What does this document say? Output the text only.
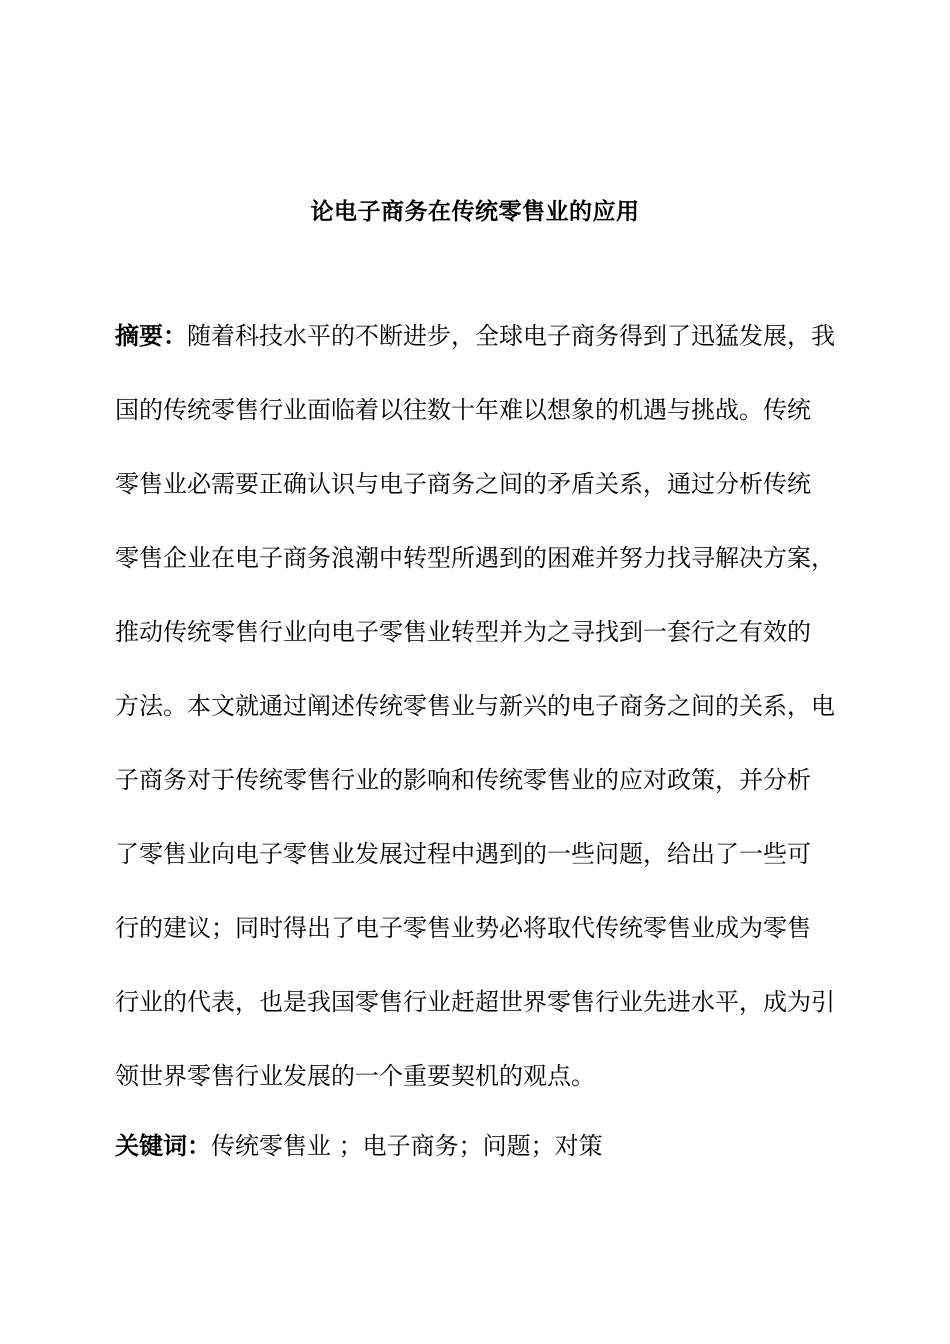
论电子商务在传统零售业的应用
摘要：随着科技水平的不断进步，全球电子商务得到了迅猛发展，我
国的传统零售行业面临着以往数十年难以想象的机遇与挑战。传统
零售业必需要正确认识与电子商务之间的矛盾关系，通过分析传统
零售企业在电子商务浪潮中转型所遇到的困难并努力找寻解决方案，
推动传统零售行业向电子零售业转型并为之寻找到一套行之有效的
方法。本文就通过阐述传统零售业与新兴的电子商务之间的关系，电
子商务对于传统零售行业的影响和传统零售业的应对政策，并分析
了零售业向电子零售业发展过程中遇到的一些问题，给出了一些可
行的建议；同时得出了电子零售业势必将取代传统零售业成为零售
行业的代表，也是我国零售行业赶超世界零售行业先进水平，成为引
领世界零售行业发展的一个重要契机的观点。
关键词：传统零售业 ；电子商务；问题；对策
